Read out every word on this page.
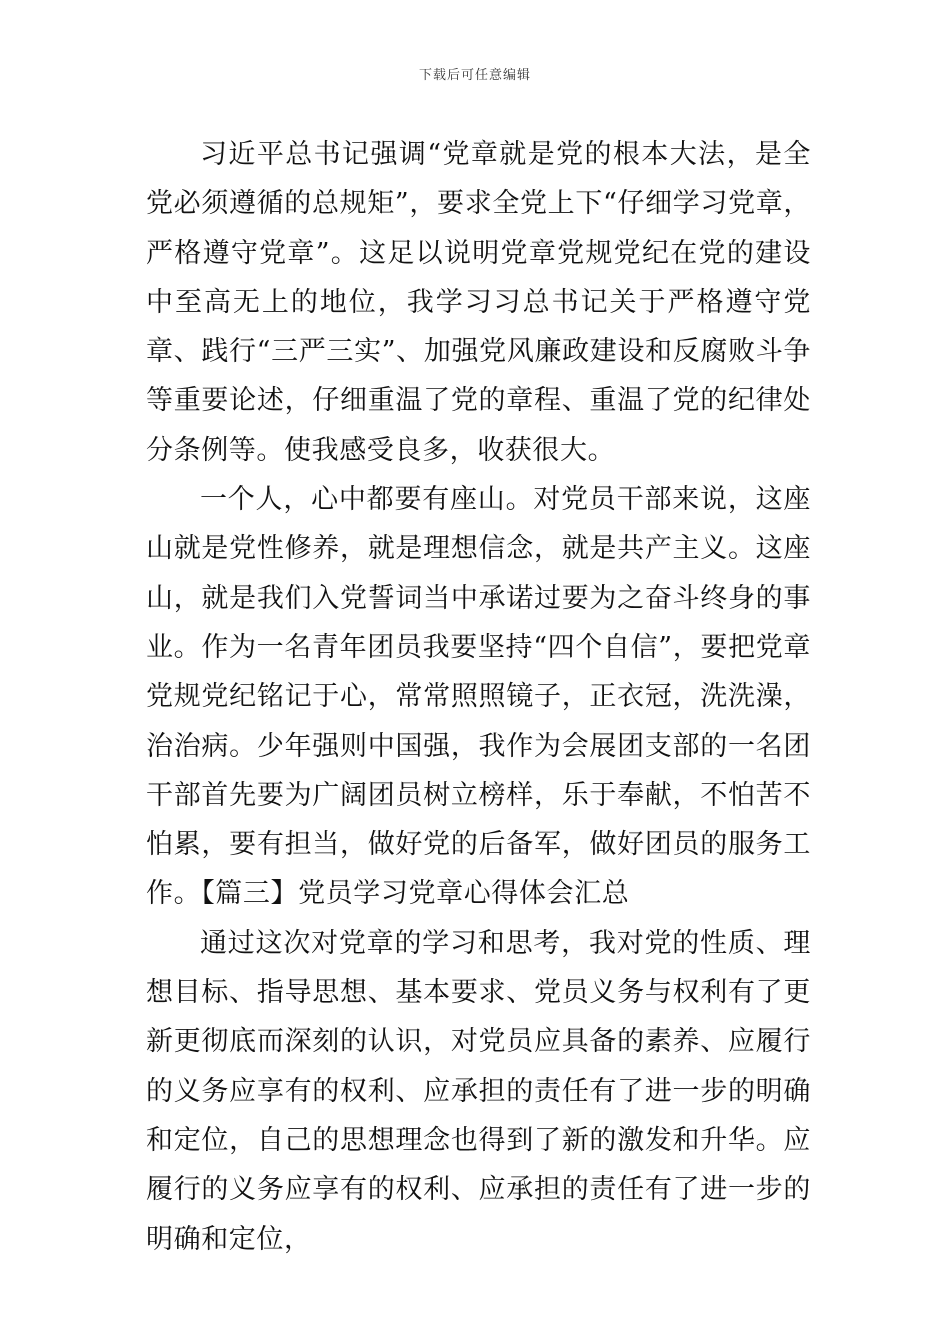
下载后可任意编辑

习近平总书记强调“党章就是党的根本大法，是全党必须遵循的总规矩”，要求全党上下“仔细学习党章，严格遵守党章”。这足以说明党章党规党纪在党的建设中至高无上的地位，我学习习总书记关于严格遵守党章、践行“三严三实”、加强党风廉政建设和反腐败斗争等重要论述，仔细重温了党的章程、重温了党的纪律处分条例等。使我感受良多，收获很大。

一个人，心中都要有座山。对党员干部来说，这座山就是党性修养，就是理想信念，就是共产主义。这座山，就是我们入党誓词当中承诺过要为之奋斗终身的事业。作为一名青年团员我要坚持“四个自信”，要把党章党规党纪铭记于心，常常照照镜子，正衣冠，洗洗澡，治治病。少年强则中国强，我作为会展团支部的一名团干部首先要为广阔团员树立榜样，乐于奉献，不怕苦不怕累，要有担当，做好党的后备军，做好团员的服务工作。【篇三】党员学习党章心得体会汇总

通过这次对党章的学习和思考，我对党的性质、理想目标、指导思想、基本要求、党员义务与权利有了更新更彻底而深刻的认识，对党员应具备的素养、应履行的义务应享有的权利、应承担的责任有了进一步的明确和定位，自己的思想理念也得到了新的激发和升华。应履行的义务应享有的权利、应承担的责任有了进一步的明确和定位，
